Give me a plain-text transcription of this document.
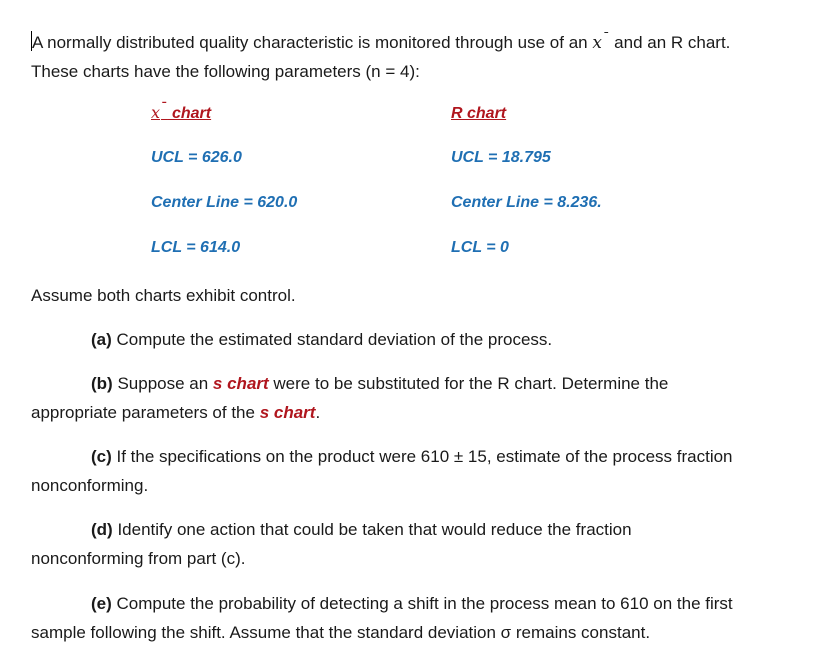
A normally distributed quality characteristic is monitored through use of an x¯ and an R chart.
These charts have the following parameters (n = 4):
x¯ chart
UCL = 626.0
Center Line = 620.0
LCL = 614.0
R chart
UCL = 18.795
Center Line = 8.236.
LCL = 0
Assume both charts exhibit control.
(a) Compute the estimated standard deviation of the process.
(b) Suppose an s chart were to be substituted for the R chart. Determine the
appropriate parameters of the s chart.
(c) If the specifications on the product were 610 ± 15, estimate of the process fraction
nonconforming.
(d) Identify one action that could be taken that would reduce the fraction
nonconforming from part (c).
(e) Compute the probability of detecting a shift in the process mean to 610 on the first
sample following the shift. Assume that the standard deviation σ remains constant.
